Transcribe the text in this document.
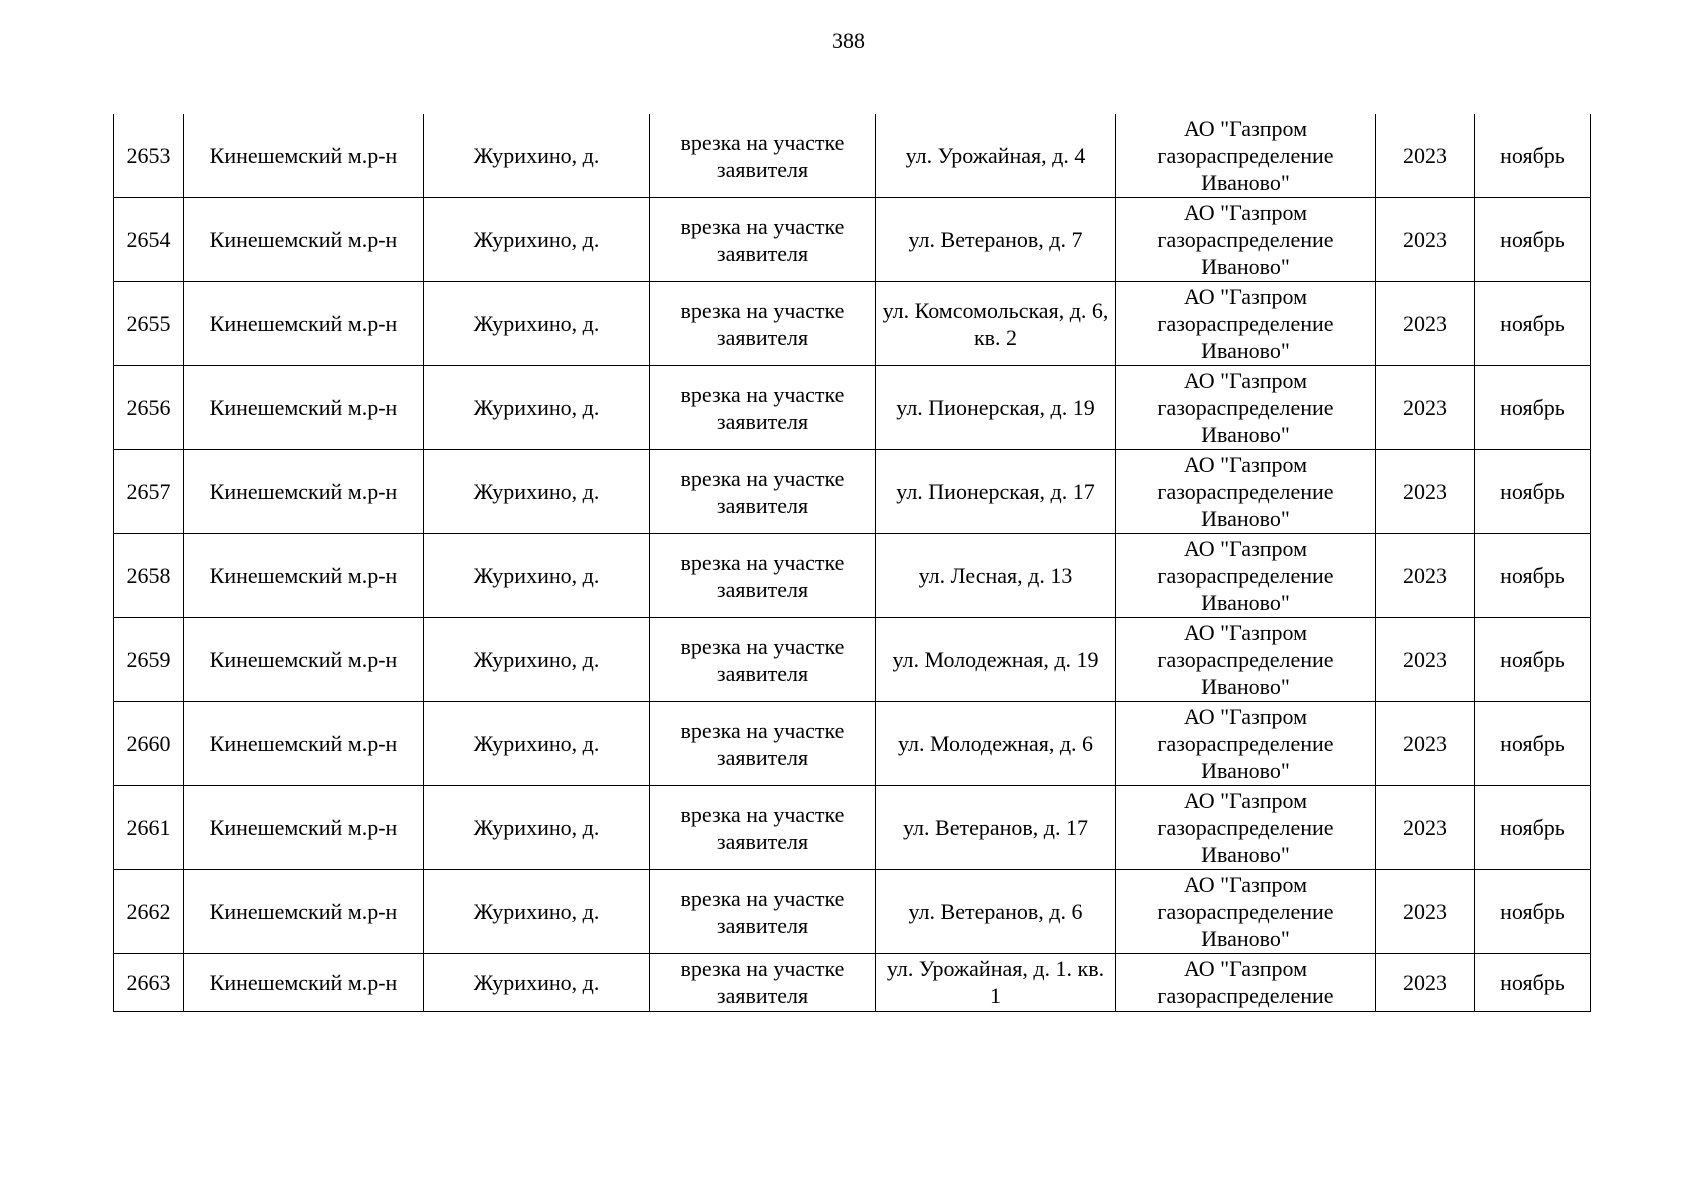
388
2653	Кинешемский м.р-н	Журихино, д.	врезка на участке заявителя	ул. Урожайная, д. 4	АО "Газпром газораспределение Иваново"	2023	ноябрь
2654	Кинешемский м.р-н	Журихино, д.	врезка на участке заявителя	ул. Ветеранов, д. 7	АО "Газпром газораспределение Иваново"	2023	ноябрь
2655	Кинешемский м.р-н	Журихино, д.	врезка на участке заявителя	ул. Комсомольская, д. 6, кв. 2	АО "Газпром газораспределение Иваново"	2023	ноябрь
2656	Кинешемский м.р-н	Журихино, д.	врезка на участке заявителя	ул. Пионерская, д. 19	АО "Газпром газораспределение Иваново"	2023	ноябрь
2657	Кинешемский м.р-н	Журихино, д.	врезка на участке заявителя	ул. Пионерская, д. 17	АО "Газпром газораспределение Иваново"	2023	ноябрь
2658	Кинешемский м.р-н	Журихино, д.	врезка на участке заявителя	ул. Лесная, д. 13	АО "Газпром газораспределение Иваново"	2023	ноябрь
2659	Кинешемский м.р-н	Журихино, д.	врезка на участке заявителя	ул. Молодежная, д. 19	АО "Газпром газораспределение Иваново"	2023	ноябрь
2660	Кинешемский м.р-н	Журихино, д.	врезка на участке заявителя	ул. Молодежная, д. 6	АО "Газпром газораспределение Иваново"	2023	ноябрь
2661	Кинешемский м.р-н	Журихино, д.	врезка на участке заявителя	ул. Ветеранов, д. 17	АО "Газпром газораспределение Иваново"	2023	ноябрь
2662	Кинешемский м.р-н	Журихино, д.	врезка на участке заявителя	ул. Ветеранов, д. 6	АО "Газпром газораспределение Иваново"	2023	ноябрь
2663	Кинешемский м.р-н	Журихино, д.	врезка на участке заявителя	ул. Урожайная, д. 1. кв. 1	АО "Газпром газораспределение	2023	ноябрь
